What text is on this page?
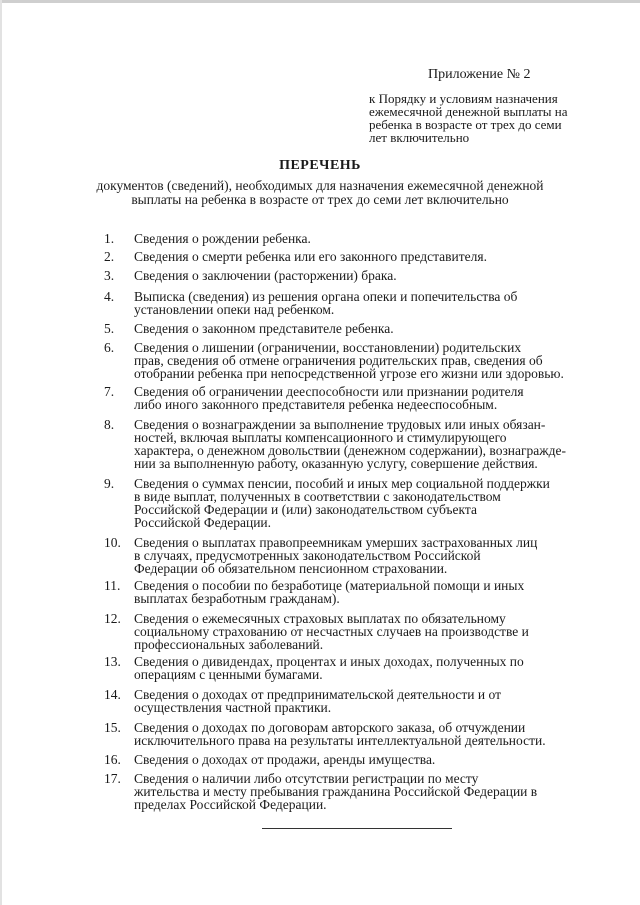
Приложение № 2
к Порядку и условиям назначения
ежемесячной денежной выплаты на
ребенка в возрасте от трех до семи
лет включительно
ПЕРЕЧЕНЬ
документов (сведений), необходимых для назначения ежемесячной денежной
выплаты на ребенка в возрасте от трех до семи лет включительно
1.	Сведения о рождении ребенка.
2.	Сведения о смерти ребенка или его законного представителя.
3.	Сведения о заключении (расторжении) брака.
4.	Выписка (сведения) из решения органа опеки и попечительства об
установлении опеки над ребенком.
5.	Сведения о законном представителе ребенка.
6.	Сведения о лишении (ограничении, восстановлении) родительских
прав, сведения об отмене ограничения родительских прав, сведения об
отобрании ребенка при непосредственной угрозе его жизни или здоровью.
7.	Сведения об ограничении дееспособности или признании родителя
либо иного законного представителя ребенка недееспособным.
8.	Сведения о вознаграждении за выполнение трудовых или иных обязан-
ностей, включая выплаты компенсационного и стимулирующего
характера, о денежном довольствии (денежном содержании), вознагражде-
нии за выполненную работу, оказанную услугу, совершение действия.
9.	Сведения о суммах пенсии, пособий и иных мер социальной поддержки
в виде выплат, полученных в соответствии с законодательством
Российской Федерации и (или) законодательством субъекта
Российской Федерации.
10. Сведения о выплатах правопреемникам умерших застрахованных лиц
в случаях, предусмотренных законодательством Российской
Федерации об обязательном пенсионном страховании.
11.	Сведения о пособии по безработице (материальной помощи и иных
выплатах безработным гражданам).
12. Сведения о ежемесячных страховых выплатах по обязательному
социальному страхованию от несчастных случаев на производстве и
профессиональных заболеваний.
13. Сведения о дивидендах, процентах и иных доходах, полученных по
операциям с ценными бумагами.
14. Сведения о доходах от предпринимательской деятельности и от
осуществления частной практики.
15. Сведения о доходах по договорам авторского заказа, об отчуждении
исключительного права на результаты интеллектуальной деятельности.
16. Сведения о доходах от продажи, аренды имущества.
17. Сведения о наличии либо отсутствии регистрации по месту
жительства и месту пребывания гражданина Российской Федерации в
пределах Российской Федерации.
